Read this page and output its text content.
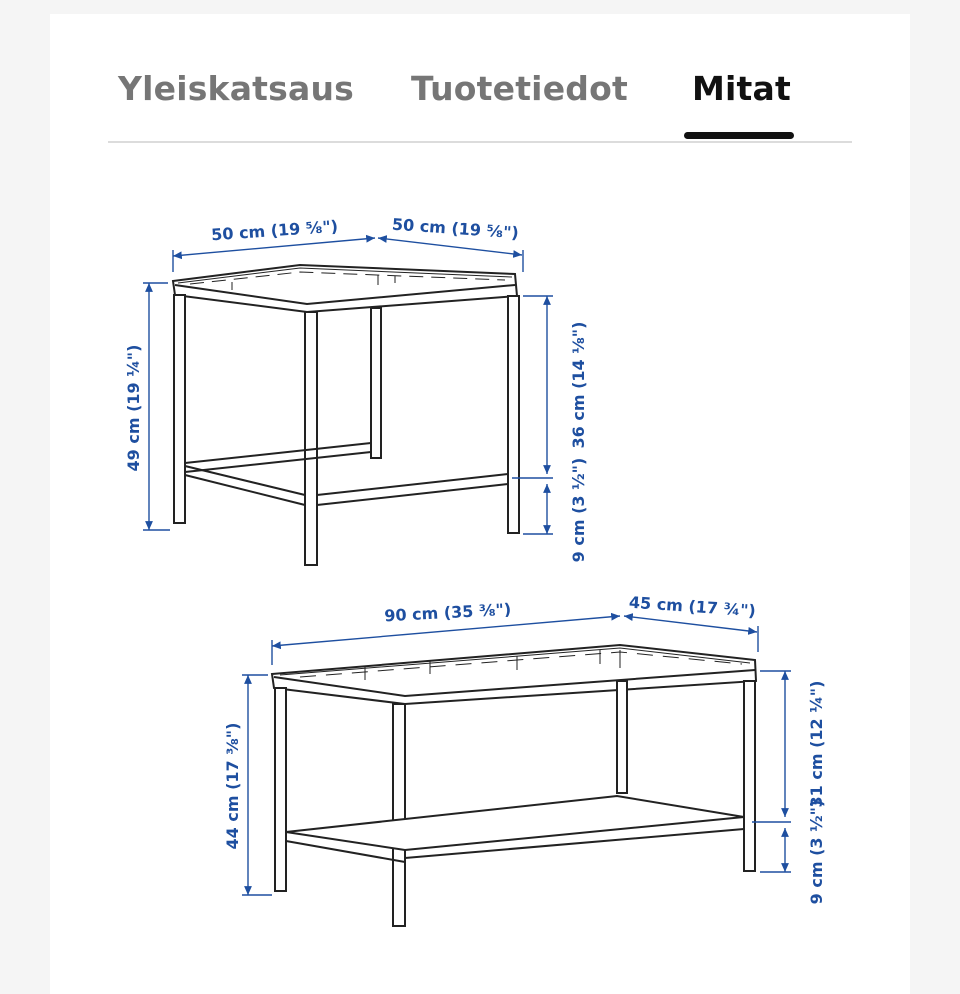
Yleiskatsaus Tuotetiedot Mitat
50 cm (19 ⅝")	50 cm (19 ⅝")
49 cm (19 ¼")	36 cm (14 ⅛")
9 cm (3 ½")
90 cm (35 ⅜")	45 cm (17 ¾")
44 cm (17 ⅜")	31 cm (12 ¼")
9 cm (3 ½")
